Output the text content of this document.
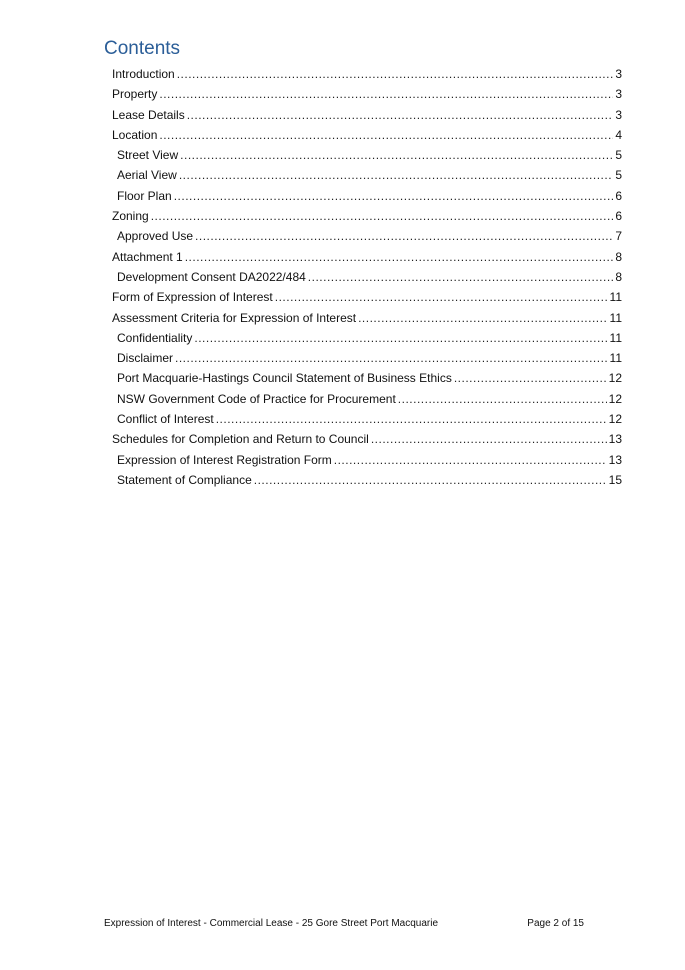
Contents
Introduction .....	3
Property .....	3
Lease Details .....	3
Location .....	4
Street View .....	5
Aerial View .....	5
Floor Plan .....	6
Zoning .....	6
Approved Use .....	7
Attachment 1 .....	8
Development Consent DA2022/484 .....	8
Form of Expression of Interest .....	11
Assessment Criteria for Expression of Interest .....	11
Confidentiality .....	11
Disclaimer .....	11
Port Macquarie-Hastings Council Statement of Business Ethics .....	12
NSW Government Code of Practice for Procurement .....	12
Conflict of Interest .....	12
Schedules for Completion and Return to Council .....	13
Expression of Interest Registration Form .....	13
Statement of Compliance .....	15
Expression of Interest - Commercial Lease - 25 Gore Street Port Macquarie	Page 2 of 15
